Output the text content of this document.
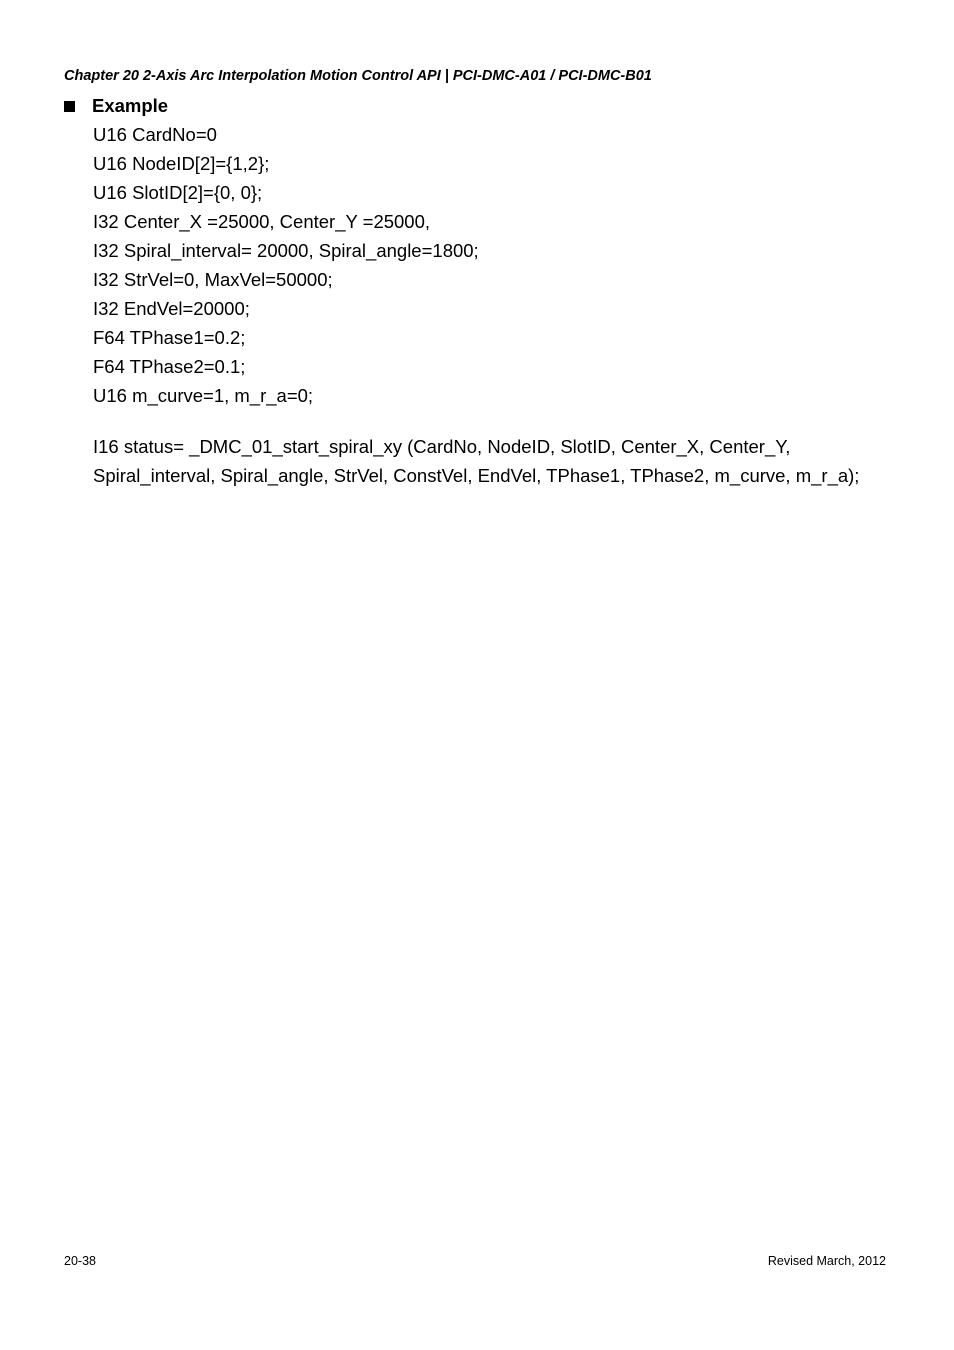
Chapter 20 2-Axis Arc Interpolation Motion Control API | PCI-DMC-A01 / PCI-DMC-B01
Example
U16 CardNo=0
U16 NodeID[2]={1,2};
U16 SlotID[2]={0, 0};
I32 Center_X =25000, Center_Y =25000,
I32 Spiral_interval= 20000, Spiral_angle=1800;
I32 StrVel=0, MaxVel=50000;
I32 EndVel=20000;
F64 TPhase1=0.2;
F64 TPhase2=0.1;
U16 m_curve=1, m_r_a=0;
I16 status= _DMC_01_start_spiral_xy (CardNo, NodeID, SlotID, Center_X, Center_Y,
Spiral_interval, Spiral_angle, StrVel, ConstVel, EndVel, TPhase1, TPhase2, m_curve, m_r_a);
20-38	Revised March, 2012
